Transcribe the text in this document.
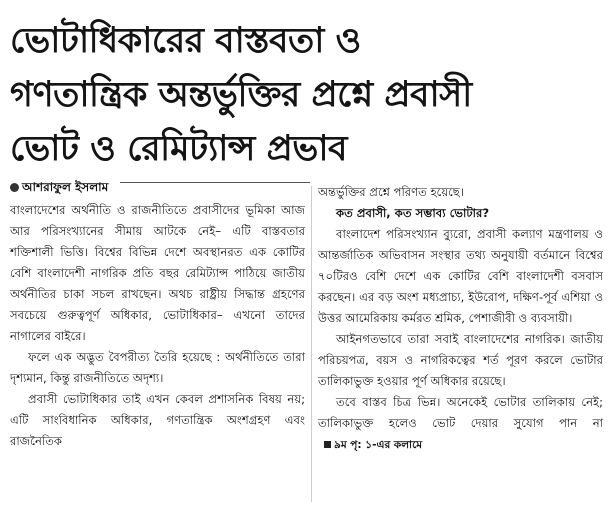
ভোটাধিকারের বাস্তবতা ও
গণতান্ত্রিক অন্তর্ভুক্তির প্রশ্নে প্রবাসী
ভোট ও রেমিট্যান্স প্রভাব
আশরাফুল ইসলাম

বাংলাদেশের অর্থনীতি ও রাজনীতিতে প্রবাসীদের ভূমিকা আজ আর পরিসংখ্যানের সীমায় আটকে নেই– এটি বাস্তবতার শক্তিশালী ভিত্তি। বিশ্বের বিভিন্ন দেশে অবস্থানরত এক কোটির বেশি বাংলাদেশী নাগরিক প্রতি বছর রেমিট্যান্স পাঠিয়ে জাতীয় অর্থনীতির চাকা সচল রাখছেন। অথচ রাষ্ট্রীয় সিদ্ধান্ত গ্রহণের সবচেয়ে গুরুত্বপূর্ণ অধিকার, ভোটাধিকার– এখনো তাদের নাগালের বাইরে।

ফলে এক অদ্ভুত বৈপরীত্য তৈরি হয়েছে : অর্থনীতিতে তারা দৃশ্যমান, কিন্তু রাজনীতিতে অদৃশ্য।

প্রবাসী ভোটাধিকার তাই এখন কেবল প্রশাসনিক বিষয় নয়; এটি সাংবিধানিক অধিকার, গণতান্ত্রিক অংশগ্রহণ এবং রাজনৈতিক

অন্তর্ভুক্তির প্রশ্নে পরিণত হয়েছে।

কত প্রবাসী, কত সম্ভাব্য ভোটার?

বাংলাদেশ পরিসংখ্যান ব্যুরো, প্রবাসী কল্যাণ মন্ত্রণালয় ও আন্তর্জাতিক অভিবাসন সংস্থার তথ্য অনুযায়ী বর্তমানে বিশ্বের ৭০টিরও বেশি দেশে এক কোটির বেশি বাংলাদেশী বসবাস করছেন। এর বড় অংশ মধ্যপ্রাচ্য, ইউরোপ, দক্ষিণ-পূর্ব এশিয়া ও উত্তর আমেরিকায় কর্মরত শ্রমিক, পেশাজীবী ও ব্যবসায়ী।

আইনগতভাবে তারা সবাই বাংলাদেশের নাগরিক। জাতীয় পরিচয়পত্র, বয়স ও নাগরিকত্বের শর্ত পূরণ করলে ভোটার তালিকাভুক্ত হওয়ার পূর্ণ অধিকার রয়েছে।

তবে বাস্তব চিত্র ভিন্ন। অনেকেই ভোটার তালিকায় নেই; তালিকাভুক্ত হলেও ভোট দেয়ার সুযোগ পান না৯ম পৃ: ১-এর কলামে
